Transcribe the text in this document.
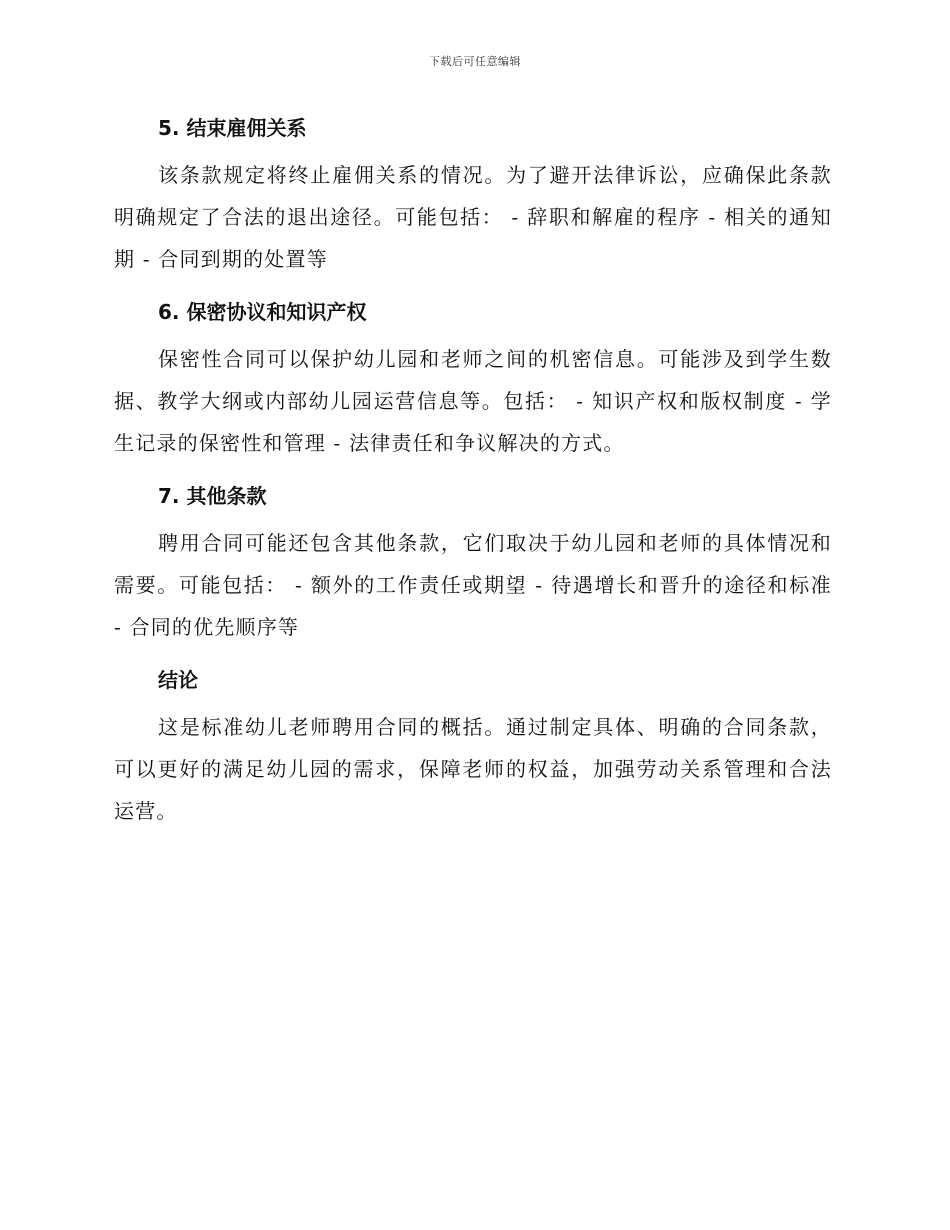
下载后可任意编辑
5. 结束雇佣关系

该条款规定将终止雇佣关系的情况。为了避开法律诉讼，应确保此条款明确规定了合法的退出途径。可能包括： - 辞职和解雇的程序 - 相关的通知期 - 合同到期的处置等

6. 保密协议和知识产权

保密性合同可以保护幼儿园和老师之间的机密信息。可能涉及到学生数据、教学大纲或内部幼儿园运营信息等。包括： - 知识产权和版权制度 - 学生记录的保密性和管理 - 法律责任和争议解决的方式。

7. 其他条款

聘用合同可能还包含其他条款，它们取决于幼儿园和老师的具体情况和需要。可能包括： - 额外的工作责任或期望 - 待遇增长和晋升的途径和标准 - 合同的优先顺序等

结论

这是标准幼儿老师聘用合同的概括。通过制定具体、明确的合同条款，可以更好的满足幼儿园的需求，保障老师的权益，加强劳动关系管理和合法运营。
